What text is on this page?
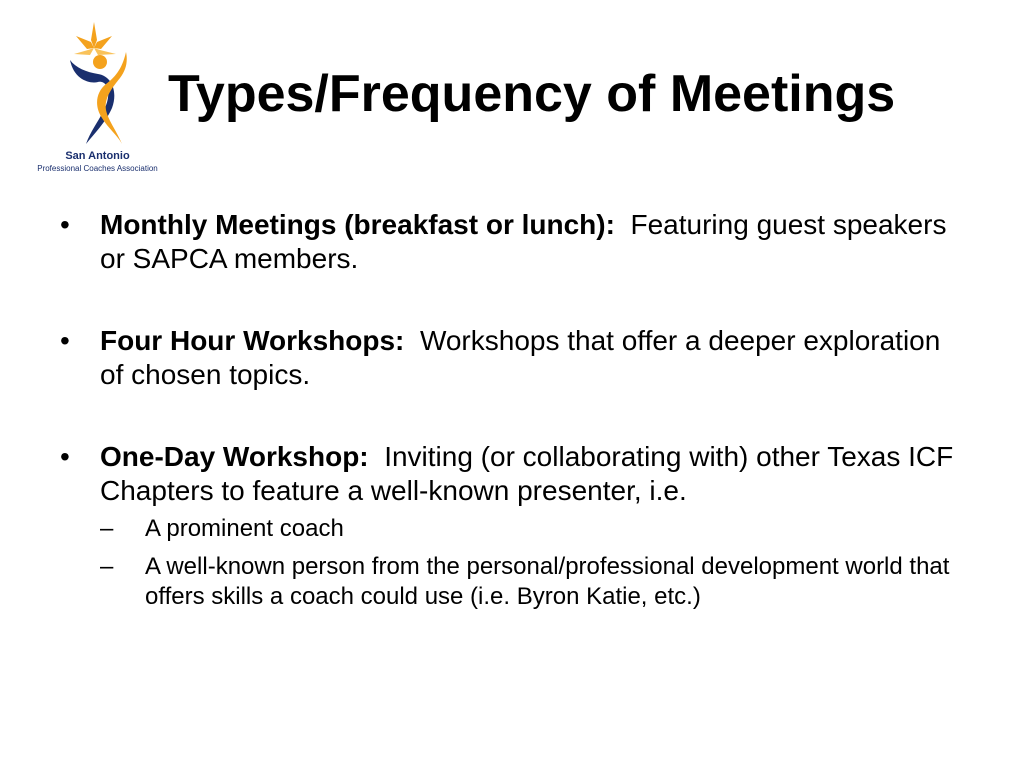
San Antonio
Professional Coaches Association
Types/Frequency of Meetings
• Monthly Meetings (breakfast or lunch): Featuring guest speakers or SAPCA members.
• Four Hour Workshops: Workshops that offer a deeper exploration of chosen topics.
• One-Day Workshop: Inviting (or collaborating with) other Texas ICF Chapters to feature a well-known presenter, i.e.
– A prominent coach
– A well-known person from the personal/professional development world that offers skills a coach could use (i.e. Byron Katie, etc.)
